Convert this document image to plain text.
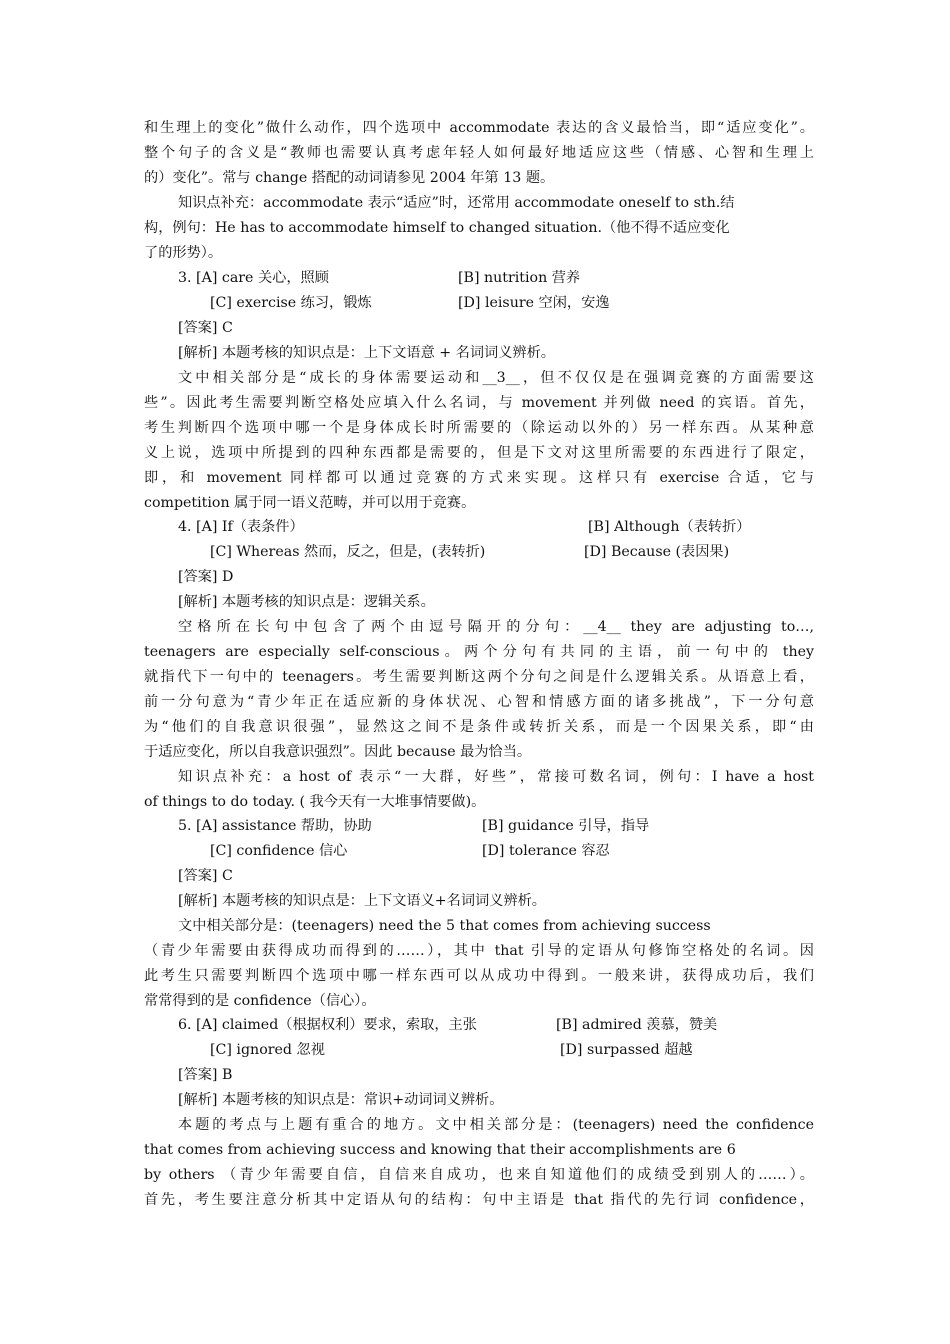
和生理上的变化”做什么动作，四个选项中 accommodate 表达的含义最恰当，即“适应变化”。
整个句子的含义是“教师也需要认真考虑年轻人如何最好地适应这些（情感、心智和生理上
的）变化”。常与 change 搭配的动词请参见 2004 年第 13 题。
知识点补充：accommodate 表示“适应”时，还常用 accommodate oneself to sth.结
构，例句：He has to accommodate himself to changed situation.（他不得不适应变化
了的形势）。
3. [A] care 关心，照顾	[B] nutrition 营养
[C] exercise 练习，锻炼	[D] leisure 空闲，安逸
[答案] C
[解析] 本题考核的知识点是：上下文语意 + 名词词义辨析。
文中相关部分是“成长的身体需要运动和__3__，但不仅仅是在强调竞赛的方面需要这
些”。因此考生需要判断空格处应填入什么名词，与 movement 并列做 need 的宾语。首先，
考生判断四个选项中哪一个是身体成长时所需要的（除运动以外的）另一样东西。从某种意
义上说，选项中所提到的四种东西都是需要的，但是下文对这里所需要的东西进行了限定，
即，和 movement 同样都可以通过竞赛的方式来实现。这样只有 exercise 合适，它与
competition 属于同一语义范畴，并可以用于竞赛。
4. [A] If（表条件）	[B] Although（表转折）
[C] Whereas 然而，反之，但是，(表转折)	[D] Because (表因果)
[答案] D
[解析] 本题考核的知识点是：逻辑关系。
空格所在长句中包含了两个由逗号隔开的分句：__4__ they are adjusting to…,
teenagers are especially self-conscious。两个分句有共同的主语，前一句中的 they
就指代下一句中的 teenagers。考生需要判断这两个分句之间是什么逻辑关系。从语意上看，
前一分句意为“青少年正在适应新的身体状况、心智和情感方面的诸多挑战”，下一分句意
为“他们的自我意识很强”，显然这之间不是条件或转折关系，而是一个因果关系，即“由
于适应变化，所以自我意识强烈”。因此 because 最为恰当。
知识点补充：a host of 表示“一大群，好些”，常接可数名词，例句：I have a host
of things to do today. ( 我今天有一大堆事情要做)。
5. [A] assistance 帮助，协助	[B] guidance 引导，指导
[C] confidence 信心	[D] tolerance 容忍
[答案] C
[解析] 本题考核的知识点是：上下文语义+名词词义辨析。
文中相关部分是：(teenagers) need the 5 that comes from achieving success
（青少年需要由获得成功而得到的……），其中 that 引导的定语从句修饰空格处的名词。因
此考生只需要判断四个选项中哪一样东西可以从成功中得到。一般来讲，获得成功后，我们
常常得到的是 confidence（信心）。
6. [A] claimed（根据权利）要求，索取，主张	[B] admired 羡慕，赞美
[C] ignored 忽视	[D] surpassed 超越
[答案] B
[解析] 本题考核的知识点是：常识+动词词义辨析。
本题的考点与上题有重合的地方。文中相关部分是：(teenagers) need the confidence
that comes from achieving success and knowing that their accomplishments are 6
by others （青少年需要自信，自信来自成功，也来自知道他们的成绩受到别人的……）。
首先，考生要注意分析其中定语从句的结构：句中主语是 that 指代的先行词 confidence，
